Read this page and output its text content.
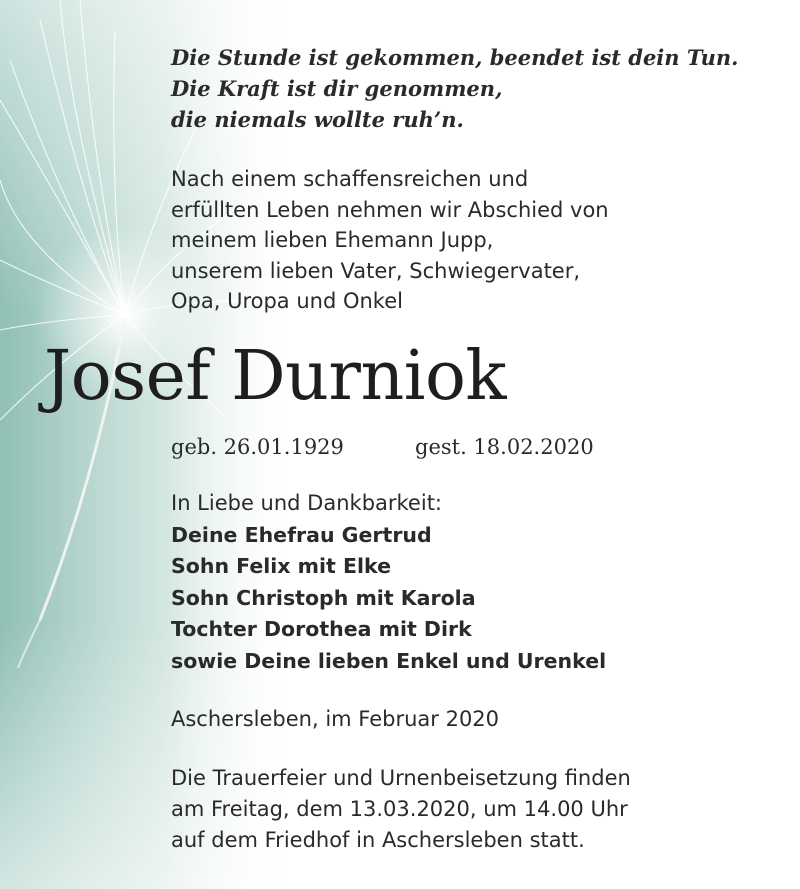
Die Stunde ist gekommen, beendet ist dein Tun.
Die Kraft ist dir genommen,
die niemals wollte ruh’n.
Nach einem schaffensreichen und
erfüllten Leben nehmen wir Abschied von
meinem lieben Ehemann Jupp,
unserem lieben Vater, Schwiegervater,
Opa, Uropa und Onkel
Josef Durniok
geb. 26.01.1929	gest. 18.02.2020
In Liebe und Dankbarkeit:
Deine Ehefrau Gertrud
Sohn Felix mit Elke
Sohn Christoph mit Karola
Tochter Dorothea mit Dirk
sowie Deine lieben Enkel und Urenkel
Aschersleben, im Februar 2020
Die Trauerfeier und Urnenbeisetzung finden
am Freitag, dem 13.03.2020, um 14.00 Uhr
auf dem Friedhof in Aschersleben statt.
